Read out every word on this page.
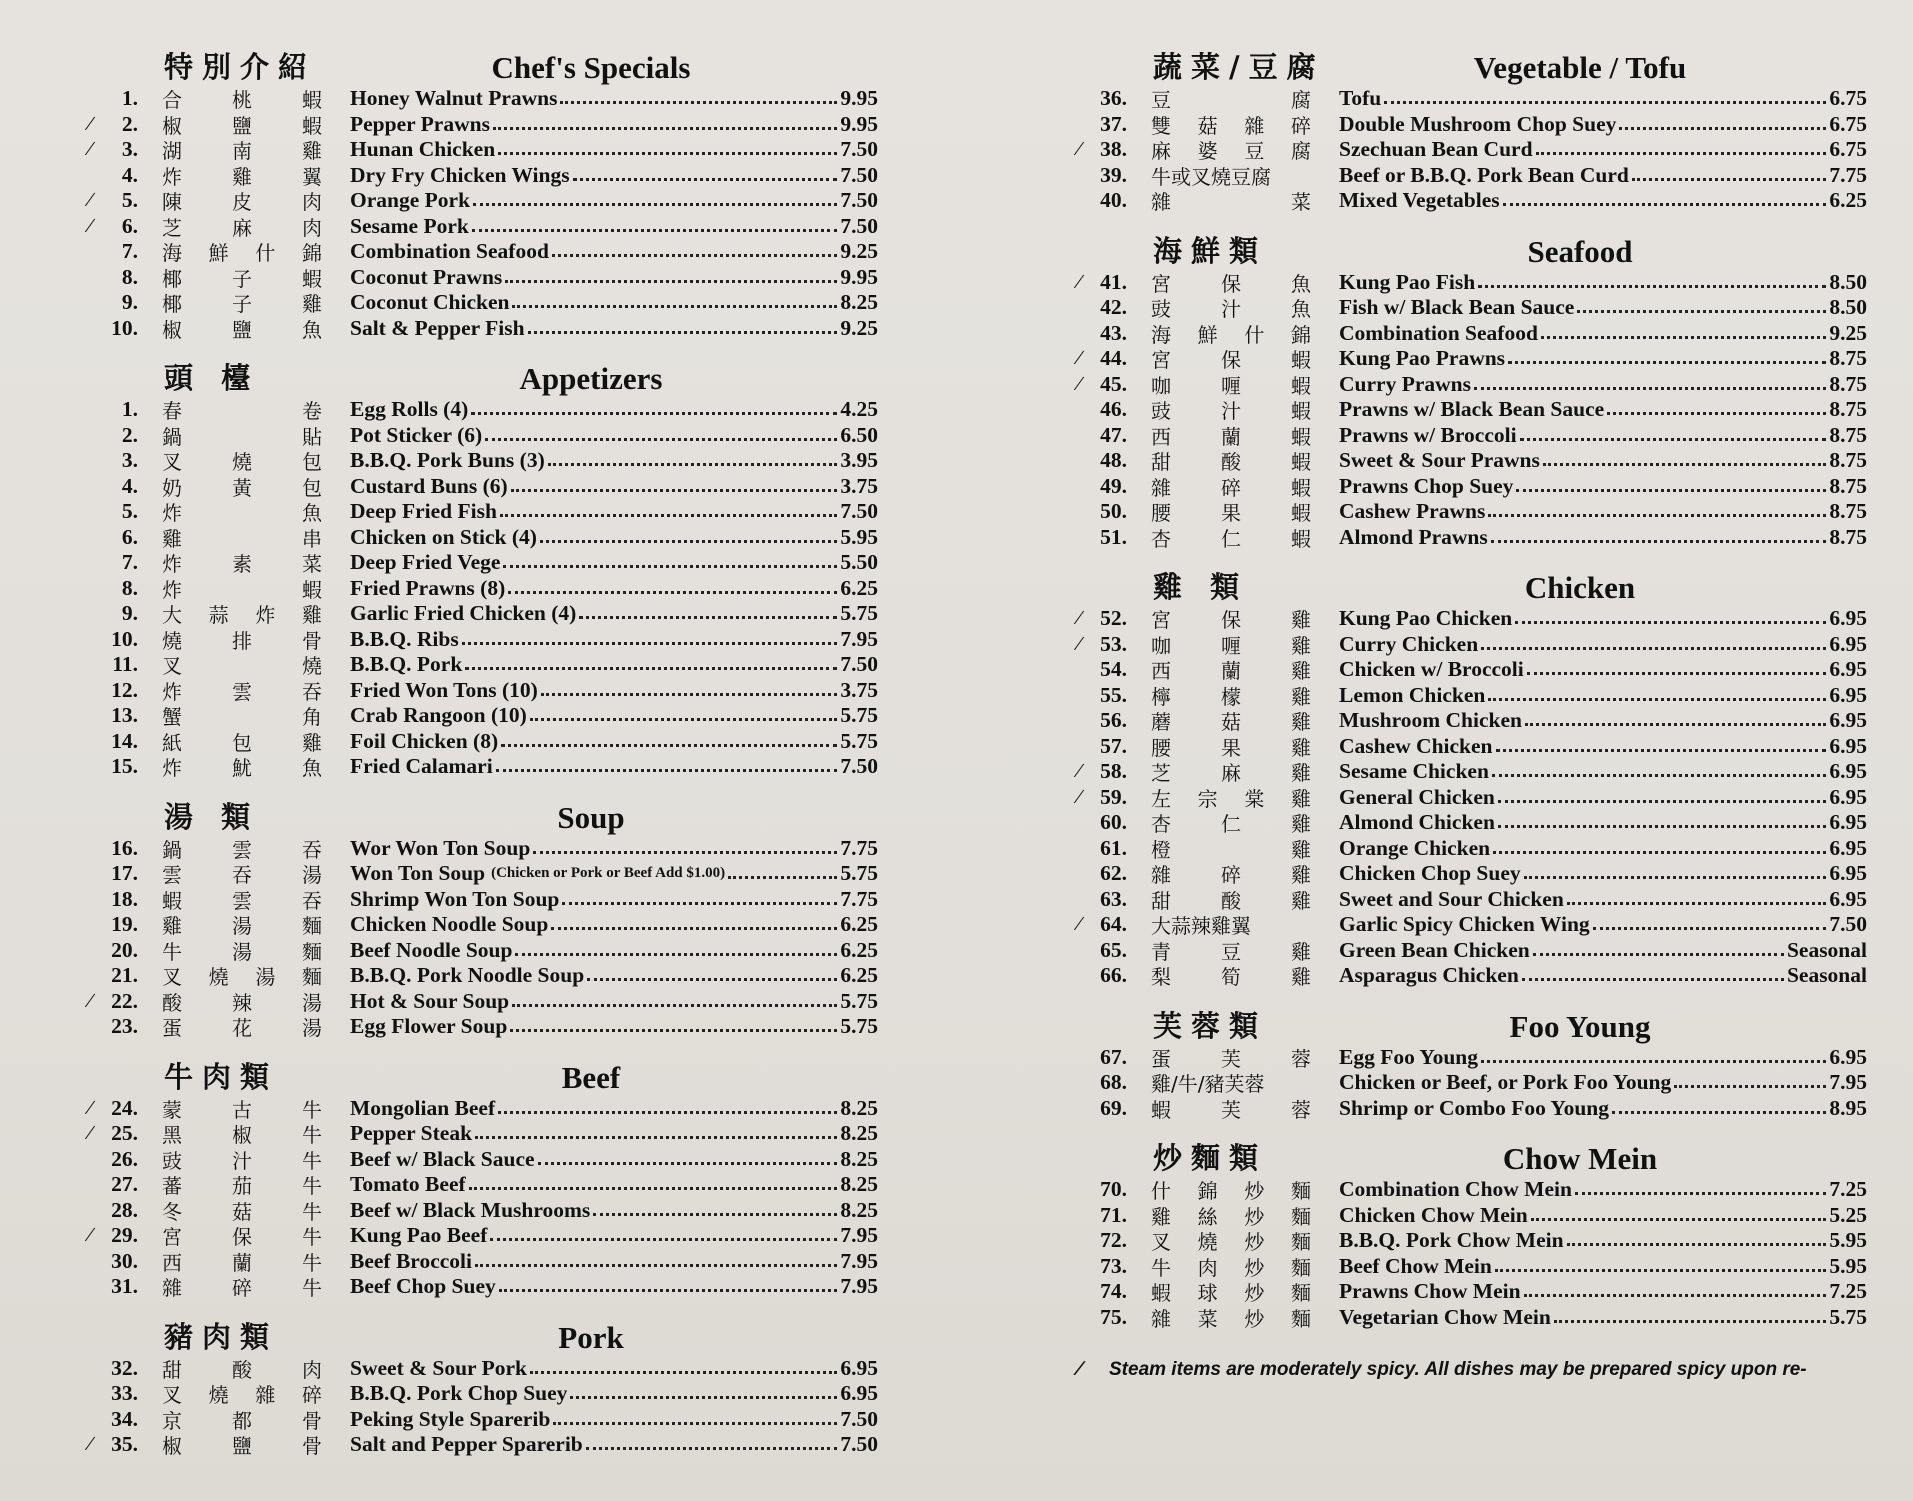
特別介紹	Chef's Specials
1.	合	桃	蝦 Honey Walnut Prawns	9.95
∕	2.	椒	鹽	蝦 Pepper Prawns	9.95
∕	3.	湖	南	雞 Hunan Chicken	7.50
4.	炸	雞	翼 Dry Fry Chicken Wings	7.50
∕	5.	陳	皮	肉 Orange Pork	7.50
∕	6.	芝	麻	肉 Sesame Pork	7.50
7.	海 鮮 什 錦 Combination Seafood	9.25
8.	椰	子	蝦 Coconut Prawns	9.95
9.	椰	子	雞 Coconut Chicken	8.25
10.	椒	鹽	魚 Salt & Pepper Fish	9.25
頭 檯	Appetizers
1.	春	卷 Egg Rolls (4)	4.25
2.	鍋	貼 Pot Sticker (6)	6.50
3.	叉	燒	包 B.B.Q. Pork Buns (3)	3.95
4.	奶	黃	包 Custard Buns (6)	3.75
5.	炸	魚 Deep Fried Fish	7.50
6.	雞	串 Chicken on Stick (4)	5.95
7.	炸	素	菜 Deep Fried Vege	5.50
8.	炸	蝦 Fried Prawns (8)	6.25
9.	大 蒜 炸 雞 Garlic Fried Chicken (4)	5.75
10.	燒	排	骨 B.B.Q. Ribs	7.95
11.	叉	燒 B.B.Q. Pork	7.50
12.	炸	雲	吞 Fried Won Tons (10)	3.75
13.	蟹	角 Crab Rangoon (10)	5.75
14.	紙	包	雞 Foil Chicken (8)	5.75
15.	炸	魷	魚 Fried Calamari	7.50
湯 類	Soup
16.	鍋	雲	吞 Wor Won Ton Soup	7.75
17.	雲	吞	湯 Won Ton Soup (Chicken or Pork or Beef Add $1.00)	5.75
18.	蝦	雲	吞 Shrimp Won Ton Soup	7.75
19.	雞	湯	麵 Chicken Noodle Soup	6.25
20.	牛	湯	麵 Beef Noodle Soup	6.25
21.	叉 燒 湯 麵 B.B.Q. Pork Noodle Soup	6.25
∕ 22.	酸	辣	湯 Hot & Sour Soup	5.75
23.	蛋	花	湯 Egg Flower Soup	5.75
牛肉類	Beef
∕ 24.	蒙	古	牛 Mongolian Beef	8.25
∕ 25.	黑	椒	牛 Pepper Steak	8.25
26.	豉	汁	牛 Beef w/ Black Sauce	8.25
27.	蕃	茄	牛 Tomato Beef	8.25
28.	冬	菇	牛 Beef w/ Black Mushrooms	8.25
∕ 29.	宮	保	牛 Kung Pao Beef	7.95
30.	西	蘭	牛 Beef Broccoli	7.95
31.	雜	碎	牛 Beef Chop Suey	7.95
豬肉類	Pork
32.	甜	酸	肉 Sweet & Sour Pork	6.95
33.	叉 燒 雜 碎 B.B.Q. Pork Chop Suey	6.95
34.	京	都	骨 Peking Style Sparerib	7.50
∕ 35.	椒	鹽	骨 Salt and Pepper Sparerib	7.50
蔬菜/豆腐	Vegetable / Tofu
36.	豆	腐 Tofu	6.75
37.	雙 菇 雜 碎 Double Mushroom Chop Suey	6.75
∕ 38.	麻 婆 豆 腐 Szechuan Bean Curd	6.75
39.	牛或叉燒豆腐	Beef or B.B.Q. Pork Bean Curd	7.75
40.	雜	菜 Mixed Vegetables	6.25
海鮮類	Seafood
∕ 41.	宮	保	魚 Kung Pao Fish	8.50
42.	豉	汁	魚 Fish w/ Black Bean Sauce	8.50
43.	海 鮮 什 錦 Combination Seafood	9.25
∕ 44.	宮	保	蝦 Kung Pao Prawns	8.75
∕ 45.	咖	喱	蝦 Curry Prawns	8.75
46.	豉	汁	蝦 Prawns w/ Black Bean Sauce	8.75
47.	西	蘭	蝦 Prawns w/ Broccoli	8.75
48.	甜	酸	蝦 Sweet & Sour Prawns	8.75
49.	雜	碎	蝦 Prawns Chop Suey	8.75
50.	腰	果	蝦 Cashew Prawns	8.75
51.	杏	仁	蝦 Almond Prawns	8.75
雞 類	Chicken
∕ 52.	宮	保	雞 Kung Pao Chicken	6.95
∕ 53.	咖	喱	雞 Curry Chicken	6.95
54.	西	蘭	雞 Chicken w/ Broccoli	6.95
55.	檸	檬	雞 Lemon Chicken	6.95
56.	蘑	菇	雞 Mushroom Chicken	6.95
57.	腰	果	雞 Cashew Chicken	6.95
∕ 58.	芝	麻	雞 Sesame Chicken	6.95
∕ 59.	左 宗 棠 雞 General Chicken	6.95
60.	杏	仁	雞 Almond Chicken	6.95
61.	橙	雞 Orange Chicken	6.95
62.	雜	碎	雞 Chicken Chop Suey	6.95
63.	甜	酸	雞 Sweet and Sour Chicken	6.95
∕ 64.	大蒜辣雞翼	Garlic Spicy Chicken Wing	7.50
65.	青	豆	雞 Green Bean Chicken	Seasonal
66.	梨	筍	雞 Asparagus Chicken	Seasonal
芙蓉類	Foo Young
67.	蛋	芙	蓉 Egg Foo Young	6.95
68.	雞/牛/豬芙蓉	Chicken or Beef, or Pork Foo Young	7.95
69.	蝦	芙	蓉 Shrimp or Combo Foo Young	8.95
炒麵類	Chow Mein
70.	什 錦 炒 麵 Combination Chow Mein	7.25
71.	雞 絲 炒 麵 Chicken Chow Mein	5.25
72.	叉 燒 炒 麵 B.B.Q. Pork Chow Mein	5.95
73.	牛 肉 炒 麵 Beef Chow Mein	5.95
74.	蝦 球 炒 麵 Prawns Chow Mein	7.25
75.	雜 菜 炒 麵 Vegetarian Chow Mein	5.75
∕	Steam items are moderately spicy. All dishes may be prepared spicy upon re-
